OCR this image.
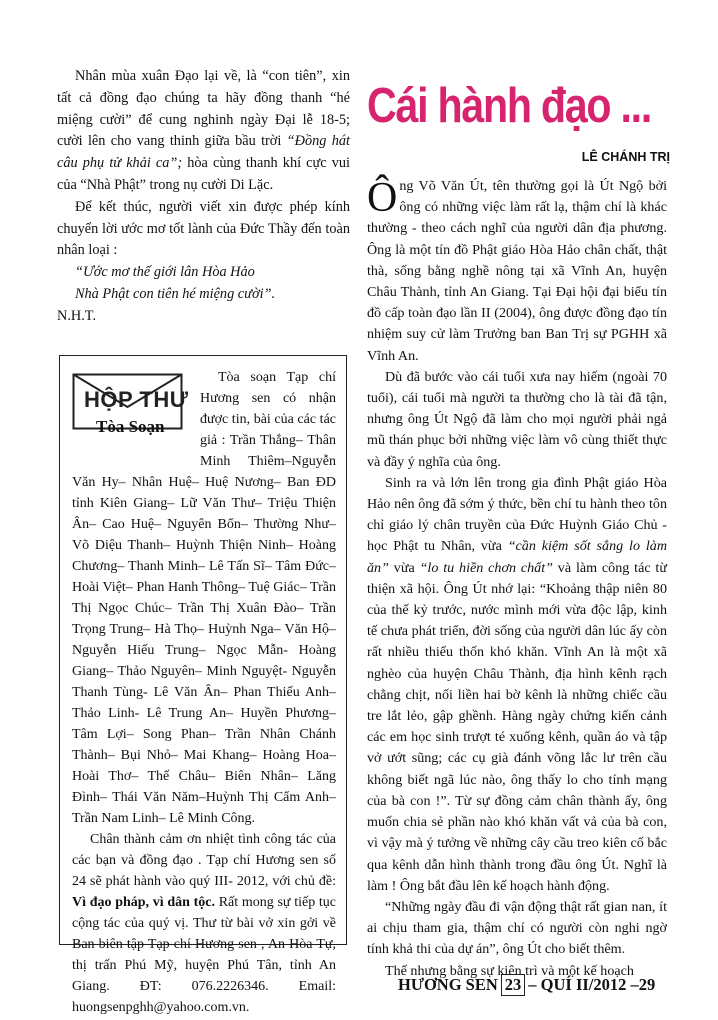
Nhân mùa xuân Đạo lại về, là “con tiên”, xin tất cả đồng đạo chúng ta hãy đồng thanh “hé miệng cười” để cung nghinh ngày Đại lễ 18-5; cười lên cho vang thinh giữa bầu trời “Đồng hát câu phụ tử khải ca”; hòa cùng thanh khí cực vui của “Nhà Phật” trong nụ cười Di Lặc.

Để kết thúc, người viết xin được phép kính chuyển lời ước mơ tốt lành của Đức Thầy đến toàn nhân loại :

“Ước mơ thế giới lân Hòa Hảo

Nhà Phật con tiên hé miệng cười”.

N.H.T.

HỘP THƯ
Tòa Soạn

Tòa soạn Tạp chí Hương sen có nhận được tin, bài của các tác giả : Trần Thắng– Thân Minh Thiêm–Nguyễn Văn Hy– Nhân Huệ– Huệ Nương– Ban ĐD tỉnh Kiên Giang– Lữ Văn Thư– Triệu Thiện Ân– Cao Huệ– Nguyên Bổn– Thường Như– Võ Diệu Thanh– Huỳnh Thiện Ninh– Hoàng Chương– Thanh Minh– Lê Tấn Sĩ– Tâm Đức– Hoài Việt– Phan Hanh Thông– Tuệ Giác– Trần Thị Ngọc Chúc– Trần Thị Xuân Đào– Trần Trọng Trung– Hà Thọ– Huỳnh Nga– Văn Hộ– Nguyễn Hiếu Trung– Ngọc Mẫn- Hoàng Giang– Thảo Nguyên– Minh Nguyệt- Nguyễn Thanh Tùng- Lê Văn Ân– Phan Thiếu Anh– Thảo Linh- Lê Trung An– Huyền Phương– Tâm Lợi– Song Phan– Trần Nhân Chánh Thành– Bụi Nhỏ– Mai Khang– Hoàng Hoa– Hoài Thơ– Thế Châu– Biên Nhân– Lăng Đình– Thái Văn Năm–Huỳnh Thị Cẩm Anh– Trần Nam Linh– Lê Minh Công.

Chân thành cảm ơn nhiệt tình công tác của các bạn và đồng đạo . Tạp chí Hương sen số 24 sẽ phát hành vào quý III- 2012, với chủ đề: Vì đạo pháp, vì dân tộc. Rất mong sự tiếp tục cộng tác của quý vị. Thư từ bài vở xin gởi về Ban biên tập Tạp chí Hương sen , An Hòa Tự, thị trấn Phú Mỹ, huyện Phú Tân, tỉnh An Giang. ĐT: 076.2226346. Email: huongsenpghh@yahoo.com.vn.

Cái hành đạo ...
LÊ CHÁNH TRỊ

Ông Võ Văn Út, tên thường gọi là Út Ngộ bởi ông có những việc làm rất lạ, thậm chí là khác thường - theo cách nghĩ của người dân địa phương. Ông là một tín đồ Phật giáo Hòa Hảo chân chất, thật thà, sống bằng nghề nông tại xã Vĩnh An, huyện Châu Thành, tỉnh An Giang. Tại Đại hội đại biểu tín đồ cấp toàn đạo lần II (2004), ông được đồng đạo tín nhiệm suy cử làm Trưởng ban Ban Trị sự PGHH xã Vĩnh An.

Dù đã bước vào cái tuổi xưa nay hiếm (ngoài 70 tuổi), cái tuổi mà người ta thường cho là tài đã tận, nhưng ông Út Ngộ đã làm cho mọi người phải ngả mũ thán phục bởi những việc làm vô cùng thiết thực và đầy ý nghĩa của ông.

Sinh ra và lớn lên trong gia đình Phật giáo Hòa Hảo nên ông đã sớm ý thức, bền chí tu hành theo tôn chỉ giáo lý chân truyền của Đức Huỳnh Giáo Chủ - học Phật tu Nhân, vừa “cần kiệm sốt sắng lo làm ăn” vừa “lo tu hiền chơn chất” và làm công tác từ thiện xã hội. Ông Út nhớ lại: “Khoảng thập niên 80 của thế kỷ trước, nước mình mới vừa độc lập, kinh tế chưa phát triển, đời sống của người dân lúc ấy còn rất nhiều thiếu thốn khó khăn. Vĩnh An là một xã nghèo của huyện Châu Thành, địa hình kênh rạch chằng chịt, nối liền hai bờ kênh là những chiếc cầu tre lắt lẻo, gập ghềnh. Hàng ngày chứng kiến cảnh các em học sinh trượt té xuống kênh, quần áo và tập vở ướt sũng; các cụ già đánh võng lắc lư trên cầu không biết ngã lúc nào, ông thấy lo cho tính mạng của bà con !”. Từ sự đồng cảm chân thành ấy, ông muốn chia sẻ phần nào khó khăn vất vả của bà con, vì vậy mà ý tưởng về những cây cầu treo kiên cố bắc qua kênh dẫn hình thành trong đầu ông Út. Nghĩ là làm ! Ông bắt đầu lên kế hoạch hành động.

“Những ngày đầu đi vận động thật rất gian nan, ít ai chịu tham gia, thậm chí có người còn nghi ngờ tính khả thi của dự án”, ông Út cho biết thêm.

Thế nhưng bằng sự kiên trì và một kế hoạch

HƯƠNG SEN 23 – QUÍ II/2012 –29
